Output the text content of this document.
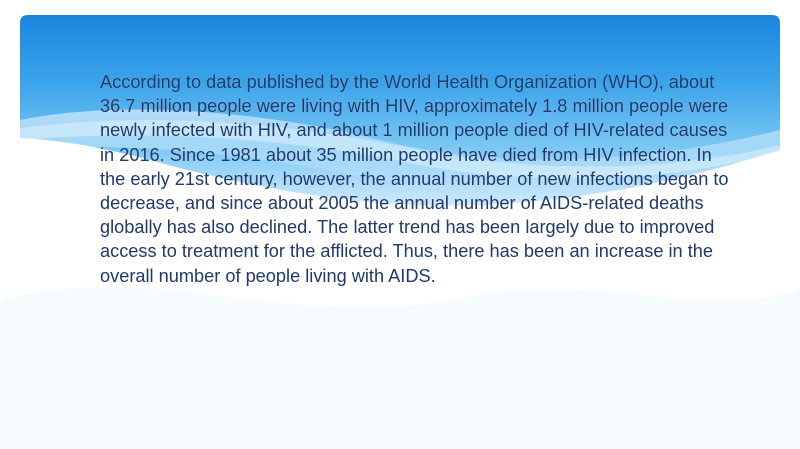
According to data published by the World Health Organization (WHO), about 36.7 million people were living with HIV, approximately 1.8 million people were newly infected with HIV, and about 1 million people died of HIV-related causes in 2016. Since 1981 about 35 million people have died from HIV infection. In the early 21st century, however, the annual number of new infections began to decrease, and since about 2005 the annual number of AIDS-related deaths globally has also declined. The latter trend has been largely due to improved access to treatment for the afflicted. Thus, there has been an increase in the overall number of people living with AIDS.
